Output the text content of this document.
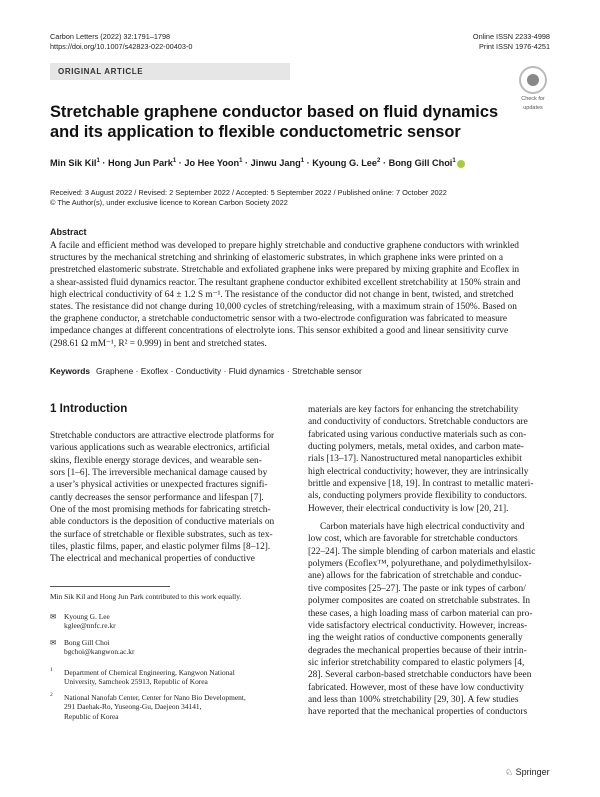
Carbon Letters (2022) 32:1791–1798
https://doi.org/10.1007/s42823-022-00403-0
Online ISSN 2233-4998
Print ISSN 1976-4251
ORIGINAL ARTICLE
Check for
updates
Stretchable graphene conductor based on fluid dynamics and its application to flexible conductometric sensor
Min Sik Kil$^1$ · Hong Jun Park$^1$ · Jo Hee Yoon$^1$ · Jinwu Jang$^1$ · Kyoung G. Lee$^2$ · Bong Gill Choi$^1$
Received: 3 August 2022 / Revised: 2 September 2022 / Accepted: 5 September 2022 / Published online: 7 October 2022
© The Author(s), under exclusive licence to Korean Carbon Society 2022
Abstract
A facile and efficient method was developed to prepare highly stretchable and conductive graphene conductors with wrinkled
structures by the mechanical stretching and shrinking of elastomeric substrates, in which graphene inks were printed on a
prestretched elastomeric substrate. Stretchable and exfoliated graphene inks were prepared by mixing graphite and Ecoflex in
a shear-assisted fluid dynamics reactor. The resultant graphene conductor exhibited excellent stretchability at 150% strain and
high electrical conductivity of 64 ± 1.2 S m⁻¹. The resistance of the conductor did not change in bent, twisted, and stretched
states. The resistance did not change during 10,000 cycles of stretching/releasing, with a maximum strain of 150%. Based on
the graphene conductor, a stretchable conductometric sensor with a two-electrode configuration was fabricated to measure
impedance changes at different concentrations of electrolyte ions. This sensor exhibited a good and linear sensitivity curve
(298.61 Ω mM⁻¹, R² = 0.999) in bent and stretched states.
Keywords Graphene · Exoflex · Conductivity · Fluid dynamics · Stretchable sensor
1 Introduction
Stretchable conductors are attractive electrode platforms for
various applications such as wearable electronics, artificial
skins, flexible energy storage devices, and wearable sen-
sors [1–6]. The irreversible mechanical damage caused by
a user’s physical activities or unexpected fractures signifi-
cantly decreases the sensor performance and lifespan [7].
One of the most promising methods for fabricating stretch-
able conductors is the deposition of conductive materials on
the surface of stretchable or flexible substrates, such as tex-
tiles, plastic films, paper, and elastic polymer films [8–12].
The electrical and mechanical properties of conductive
materials are key factors for enhancing the stretchability
and conductivity of conductors. Stretchable conductors are
fabricated using various conductive materials such as con-
ducting polymers, metals, metal oxides, and carbon mate-
rials [13–17]. Nanostructured metal nanoparticles exhibit
high electrical conductivity; however, they are intrinsically
brittle and expensive [18, 19]. In contrast to metallic materi-
als, conducting polymers provide flexibility to conductors.
However, their electrical conductivity is low [20, 21].
Carbon materials have high electrical conductivity and
low cost, which are favorable for stretchable conductors
[22–24]. The simple blending of carbon materials and elastic
polymers (Ecoflex™, polyurethane, and polydimethylsilox-
ane) allows for the fabrication of stretchable and conduc-
tive composites [25–27]. The paste or ink types of carbon/
polymer composites are coated on stretchable substrates. In
these cases, a high loading mass of carbon material can pro-
vide satisfactory electrical conductivity. However, increas-
ing the weight ratios of conductive components generally
degrades the mechanical properties because of their intrin-
sic inferior stretchability compared to elastic polymers [4,
28]. Several carbon-based stretchable conductors have been
fabricated. However, most of these have low conductivity
and less than 100% stretchability [29, 30]. A few studies
have reported that the mechanical properties of conductors
Min Sik Kil and Hong Jun Park contributed to this work equally.
✉ Kyoung G. Lee
kglee@nnfc.re.kr
✉ Bong Gill Choi
bgchoi@kangwon.ac.kr
1	Department of Chemical Engineering, Kangwon National
University, Samcheok 25913, Republic of Korea
2	National Nanofab Center, Center for Nano Bio Development,
291 Daehak-Ro, Yuseong-Gu, Daejeon 34141,
Republic of Korea
♘ Springer
